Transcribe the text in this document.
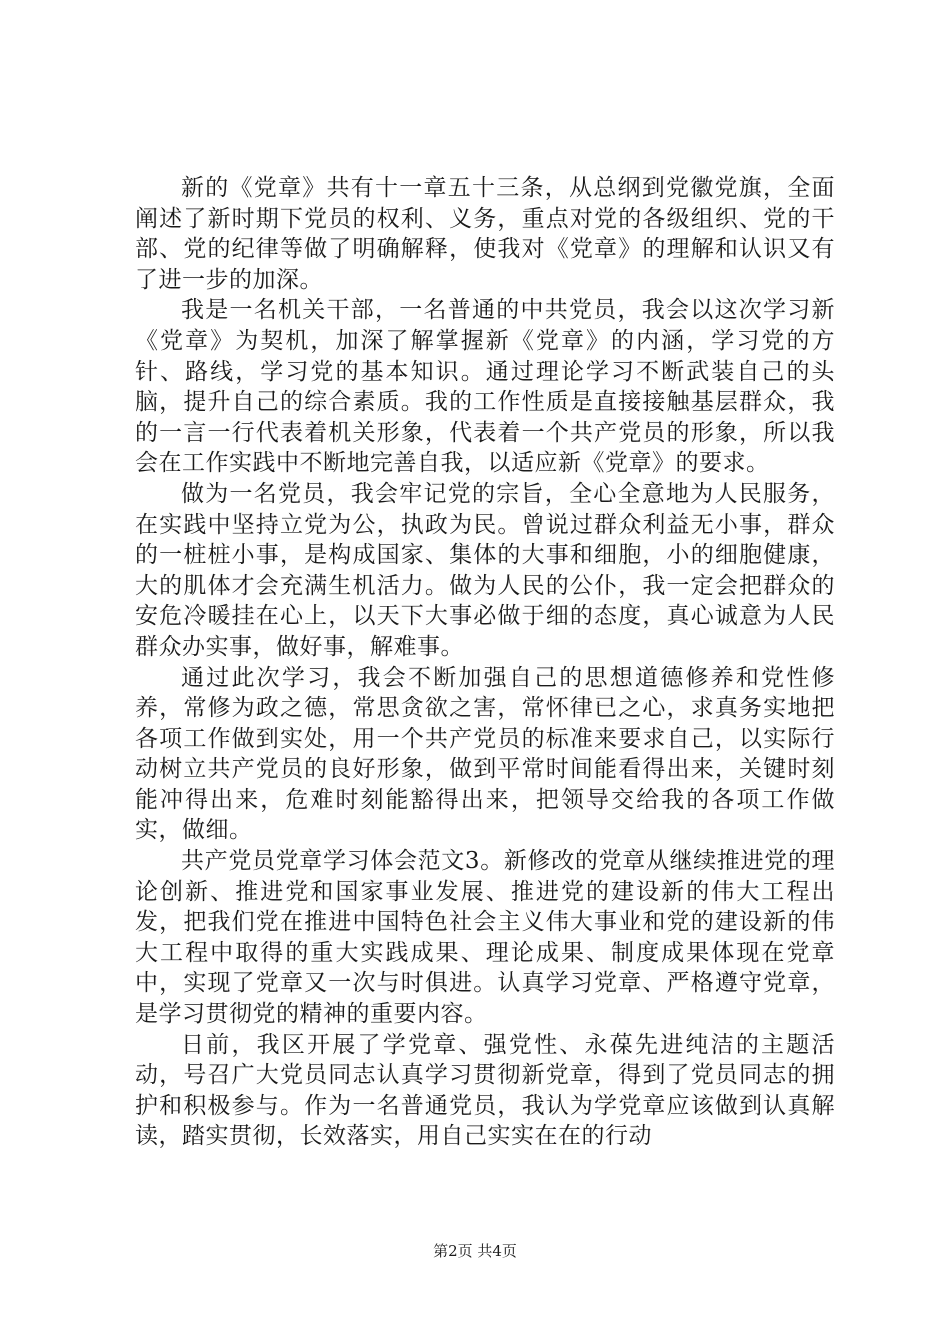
新的《党章》共有十一章五十三条，从总纲到党徽党旗，全面阐述了新时期下党员的权利、义务，重点对党的各级组织、党的干部、党的纪律等做了明确解释，使我对《党章》的理解和认识又有了进一步的加深。

我是一名机关干部，一名普通的中共党员，我会以这次学习新《党章》为契机，加深了解掌握新《党章》的内涵，学习党的方针、路线，学习党的基本知识。通过理论学习不断武装自己的头脑，提升自己的综合素质。我的工作性质是直接接触基层群众，我的一言一行代表着机关形象，代表着一个共产党员的形象，所以我会在工作实践中不断地完善自我，以适应新《党章》的要求。

做为一名党员，我会牢记党的宗旨，全心全意地为人民服务，在实践中坚持立党为公，执政为民。曾说过群众利益无小事，群众的一桩桩小事，是构成国家、集体的大事和细胞，小的细胞健康，大的肌体才会充满生机活力。做为人民的公仆，我一定会把群众的安危冷暖挂在心上，以天下大事必做于细的态度，真心诚意为人民群众办实事，做好事，解难事。

通过此次学习，我会不断加强自己的思想道德修养和党性修养，常修为政之德，常思贪欲之害，常怀律已之心，求真务实地把各项工作做到实处，用一个共产党员的标准来要求自己，以实际行动树立共产党员的良好形象，做到平常时间能看得出来，关键时刻能冲得出来，危难时刻能豁得出来，把领导交给我的各项工作做实，做细。

共产党员党章学习体会范文3。新修改的党章从继续推进党的理论创新、推进党和国家事业发展、推进党的建设新的伟大工程出发，把我们党在推进中国特色社会主义伟大事业和党的建设新的伟大工程中取得的重大实践成果、理论成果、制度成果体现在党章中，实现了党章又一次与时俱进。认真学习党章、严格遵守党章，是学习贯彻党的精神的重要内容。

日前，我区开展了学党章、强党性、永葆先进纯洁的主题活动，号召广大党员同志认真学习贯彻新党章，得到了党员同志的拥护和积极参与。作为一名普通党员，我认为学党章应该做到认真解读，踏实贯彻，长效落实，用自己实实在在的行动

第2页 共4页
